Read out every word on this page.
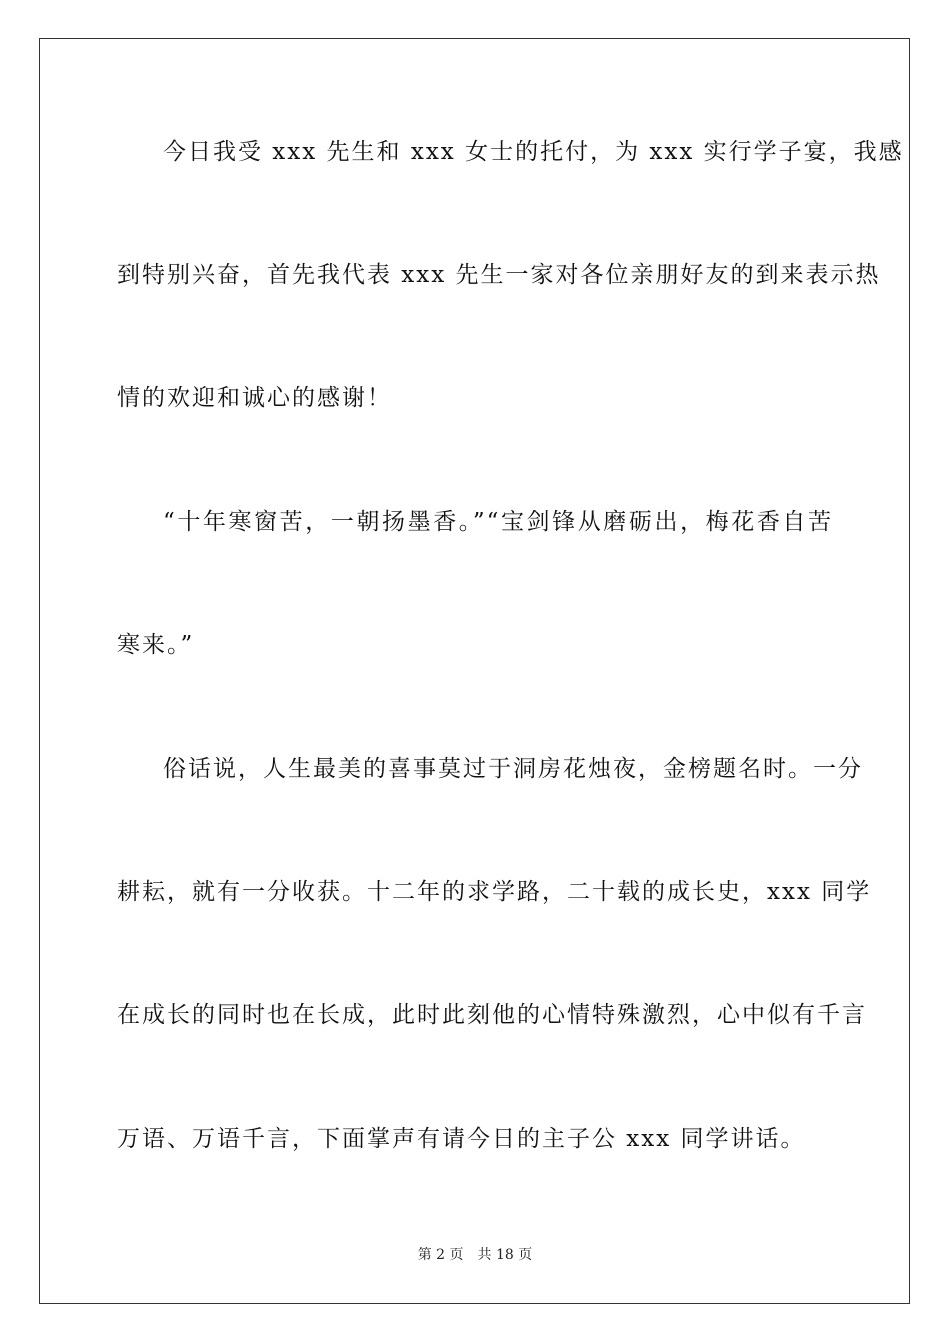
今日我受 xxx 先生和 xxx 女士的托付，为 xxx 实行学子宴，我感
到特别兴奋，首先我代表 xxx 先生一家对各位亲朋好友的到来表示热
情的欢迎和诚心的感谢！
“十年寒窗苦，一朝扬墨香。”“宝剑锋从磨砺出，梅花香自苦
寒来。”
俗话说，人生最美的喜事莫过于洞房花烛夜，金榜题名时。一分
耕耘，就有一分收获。十二年的求学路，二十载的成长史，xxx 同学
在成长的同时也在长成，此时此刻他的心情特殊激烈，心中似有千言
万语、万语千言，下面掌声有请今日的主子公 xxx 同学讲话。
第 2 页 共 18 页
